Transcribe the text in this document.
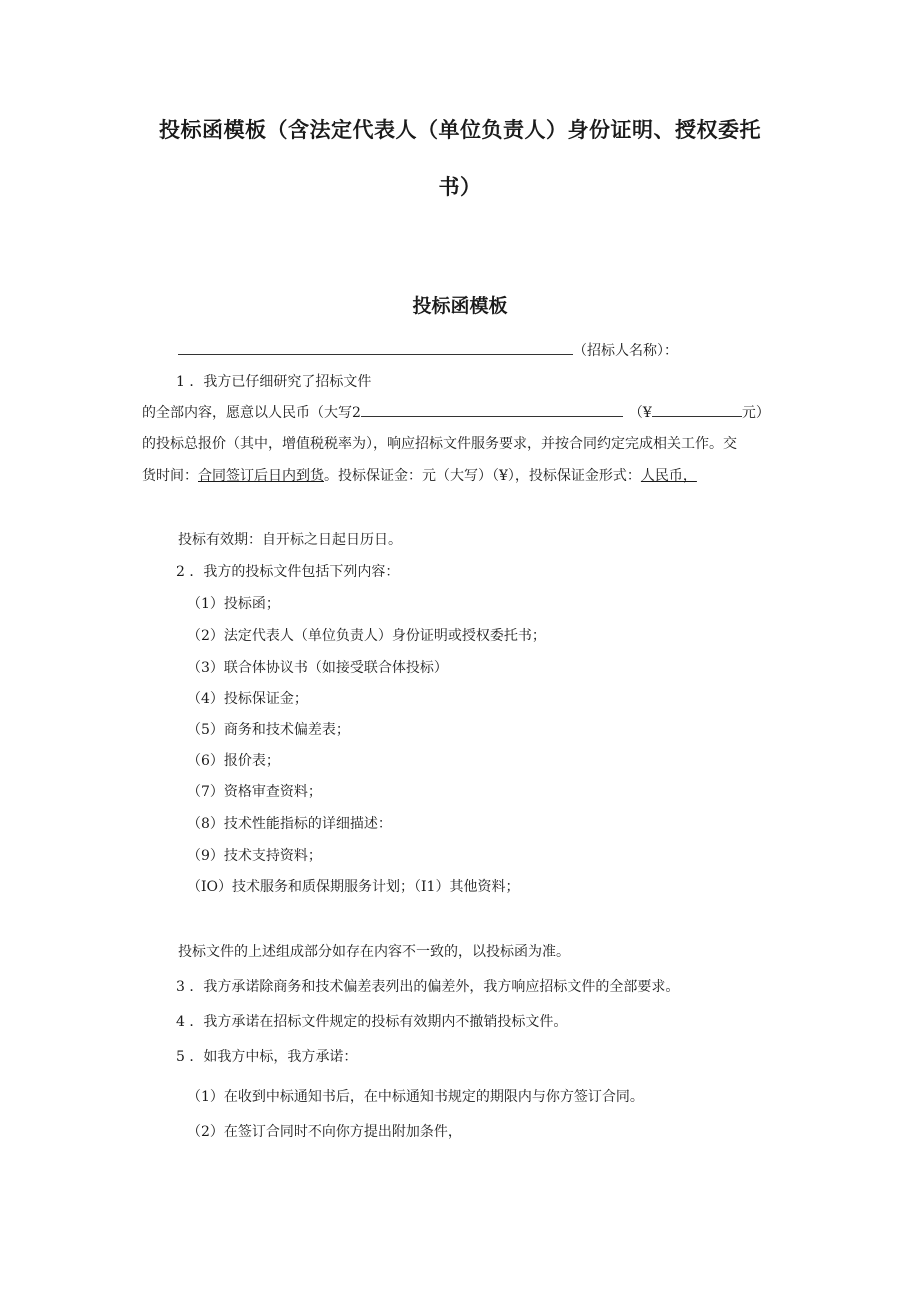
投标函模板（含法定代表人（单位负责人）身份证明、授权委托
书）
投标函模板
（招标人名称）：
1 ．我方已仔细研究了招标文件
的全部内容，愿意以人民币（大写2	（¥	元）
的投标总报价（其中，增值税税率为），响应招标文件服务要求，并按合同约定完成相关工作。交
货时间：合同签订后日内到货。投标保证金：元（大写）（¥），投标保证金形式：人民币，
投标有效期：自开标之日起日历日。
2 ．我方的投标文件包括下列内容：
（1）投标函；
（2）法定代表人（单位负责人）身份证明或授权委托书；
（3）联合体协议书（如接受联合体投标）
（4）投标保证金；
（5）商务和技术偏差表；
（6）报价表；
（7）资格审查资料；
（8）技术性能指标的详细描述：
（9）技术支持资料；
（IO）技术服务和质保期服务计划；（I1）其他资料；
投标文件的上述组成部分如存在内容不一致的，以投标函为准。
3 ．我方承诺除商务和技术偏差表列出的偏差外，我方响应招标文件的全部要求。
4 ．我方承诺在招标文件规定的投标有效期内不撤销投标文件。
5 ．如我方中标，我方承诺：
（1）在收到中标通知书后，在中标通知书规定的期限内与你方签订合同。
（2）在签订合同时不向你方提出附加条件，
